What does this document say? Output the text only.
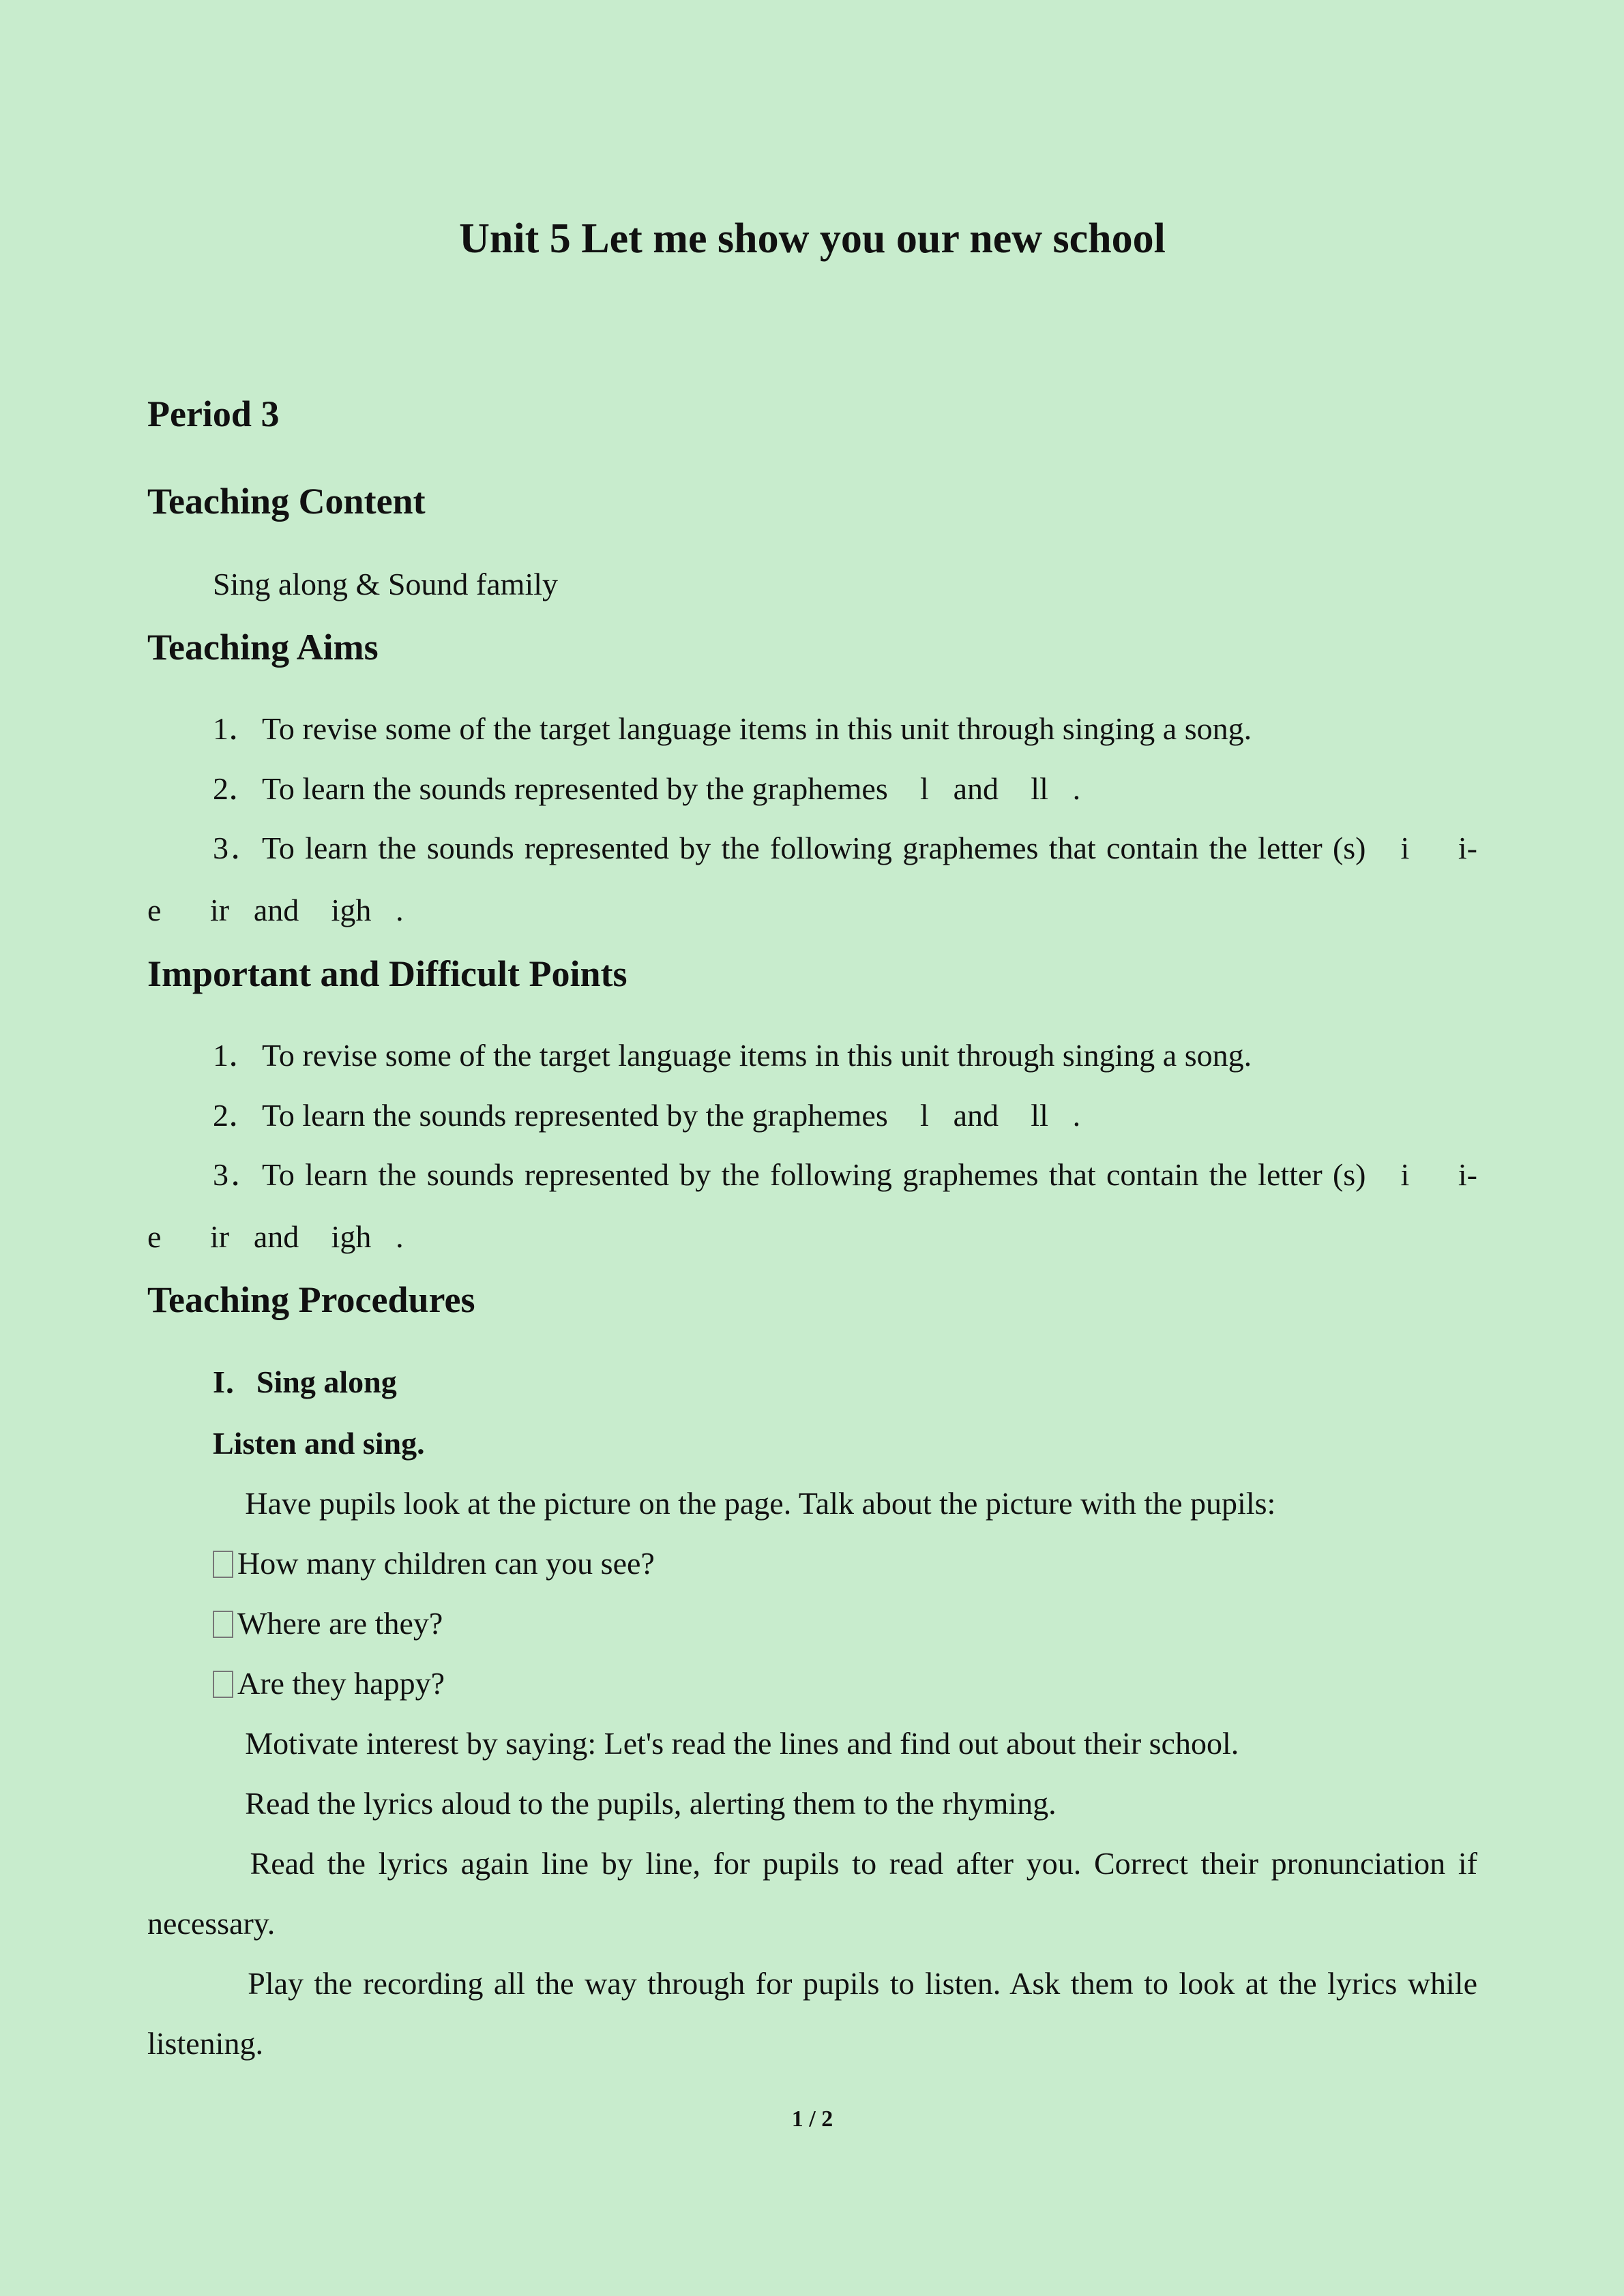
Unit 5 Let me show you our new school
Period 3
Teaching Content
Sing along & Sound family
Teaching Aims
1．To revise some of the target language items in this unit through singing a song.
2．To learn the sounds represented by the graphemes  l and  ll .
3．To learn the sounds represented by the following graphemes that contain the letter (s)  i  i-
e  ir and  igh .
Important and Difficult Points
1．To revise some of the target language items in this unit through singing a song.
2．To learn the sounds represented by the graphemes  l and  ll .
3．To learn the sounds represented by the following graphemes that contain the letter (s)  i  i-
e  ir and  igh .
Teaching Procedures
I．Sing along
Listen and sing.
  Have pupils look at the picture on the page. Talk about the picture with the pupils:
How many children can you see?
Where are they?
Are they happy?
  Motivate interest by saying: Let's read the lines and find out about their school.
  Read the lyrics aloud to the pupils, alerting them to the rhyming.
  Read the lyrics again line by line, for pupils to read after you. Correct their pronunciation if
necessary.
  Play the recording all the way through for pupils to listen. Ask them to look at the lyrics while
listening.
1 / 2
